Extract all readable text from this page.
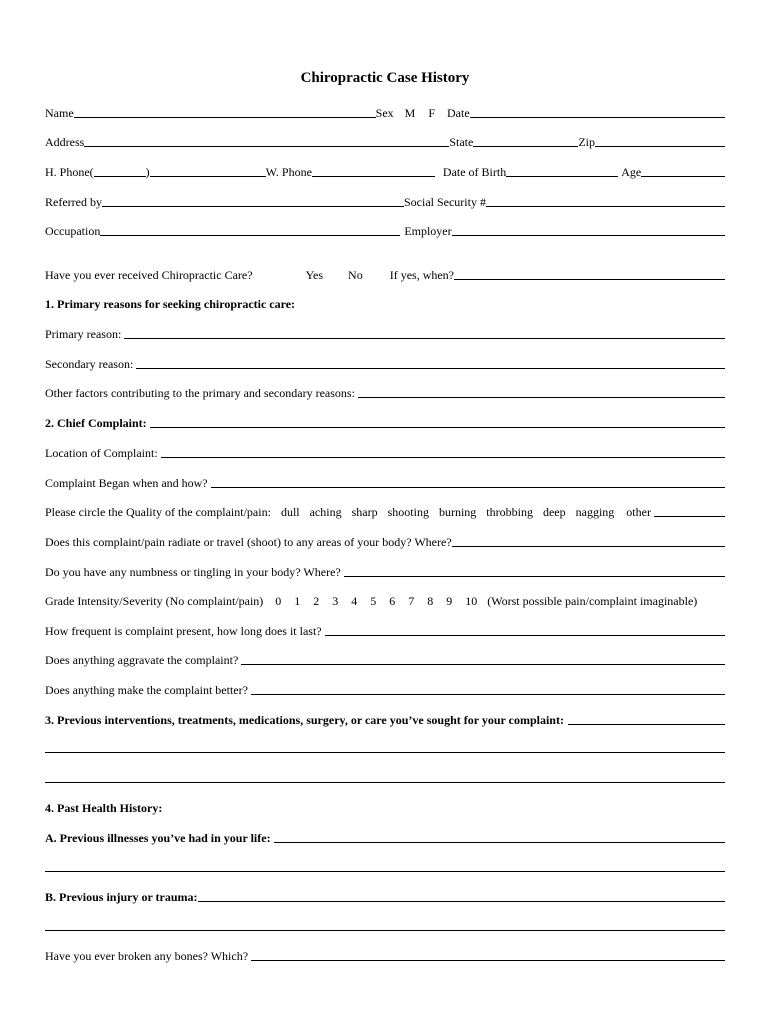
Chiropractic Case History
Name	Sex M F Date
Address	State	Zip
H. Phone(	)	W. Phone	Date of Birth	Age
Referred by	Social Security #
Occupation	Employer
Have you ever received Chiropractic Care?	Yes No If yes, when?
1. Primary reasons for seeking chiropractic care:
Primary reason:
Secondary reason:
Other factors contributing to the primary and secondary reasons:
2. Chief Complaint:
Location of Complaint:
Complaint Began when and how?
Please circle the Quality of the complaint/pain: dull aching sharp shooting burning throbbing deep nagging other
Does this complaint/pain radiate or travel (shoot) to any areas of your body? Where?
Do you have any numbness or tingling in your body? Where?
Grade Intensity/Severity (No complaint/pain) 0 1 2 3 4 5 6 7 8 9 10 (Worst possible pain/complaint imaginable)
How frequent is complaint present, how long does it last?
Does anything aggravate the complaint?
Does anything make the complaint better?
3. Previous interventions, treatments, medications, surgery, or care you’ve sought for your complaint:
4. Past Health History:
A. Previous illnesses you’ve had in your life:
B. Previous injury or trauma:
Have you ever broken any bones? Which?
